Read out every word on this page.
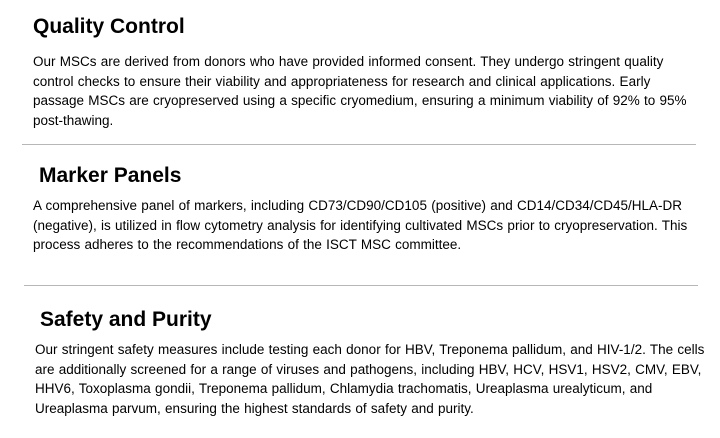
Quality Control

Our MSCs are derived from donors who have provided informed consent. They undergo stringent quality control checks to ensure their viability and appropriateness for research and clinical applications. Early passage MSCs are cryopreserved using a specific cryomedium, ensuring a minimum viability of 92% to 95% post-thawing.

Marker Panels

A comprehensive panel of markers, including CD73/CD90/CD105 (positive) and CD14/CD34/CD45/HLA-DR (negative), is utilized in flow cytometry analysis for identifying cultivated MSCs prior to cryopreservation. This process adheres to the recommendations of the ISCT MSC committee.

Safety and Purity

Our stringent safety measures include testing each donor for HBV, Treponema pallidum, and HIV-1/2. The cells are additionally screened for a range of viruses and pathogens, including HBV, HCV, HSV1, HSV2, CMV, EBV, HHV6, Toxoplasma gondii, Treponema pallidum, Chlamydia trachomatis, Ureaplasma urealyticum, and Ureaplasma parvum, ensuring the highest standards of safety and purity.
